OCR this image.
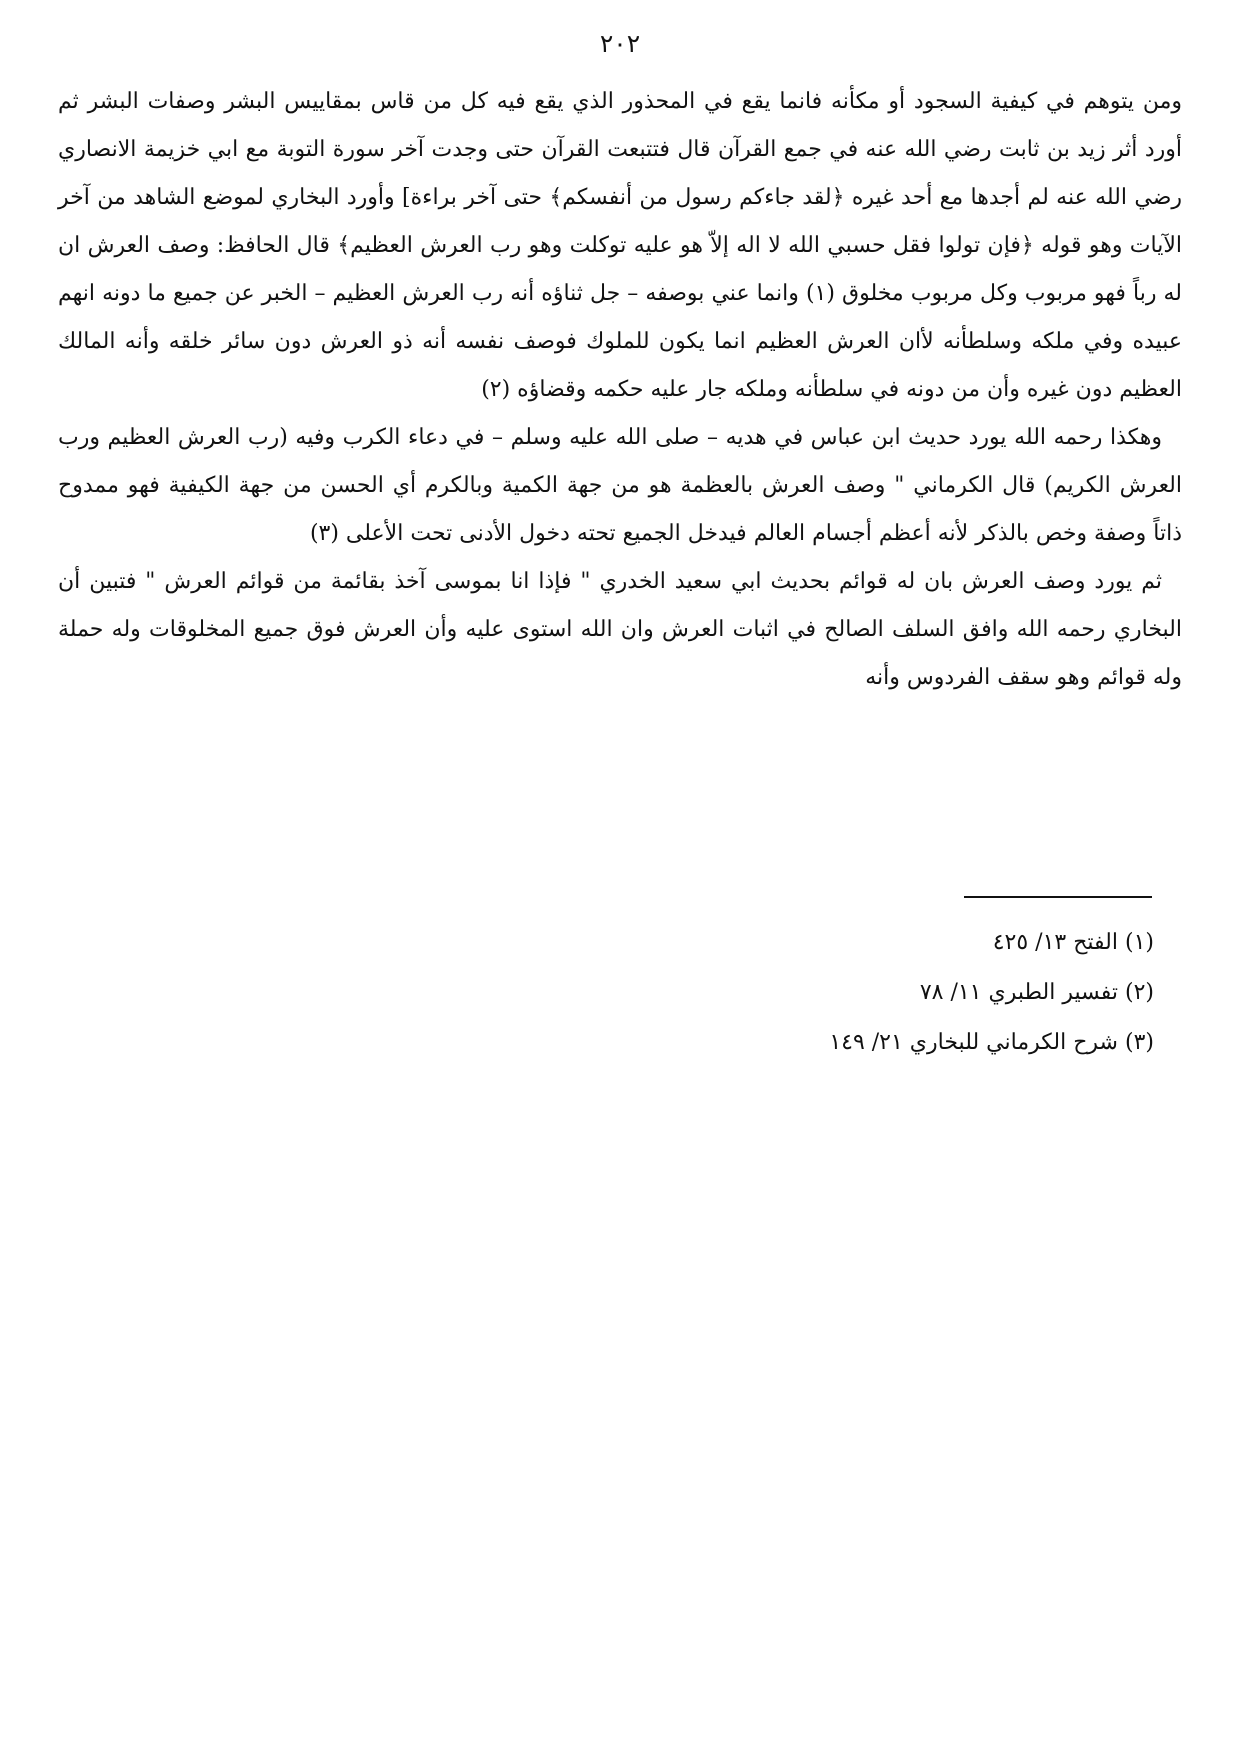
٢٠٢

ومن يتوهم في كيفية السجود أو مكأنه فانما يقع في المحذور الذي يقع فيه كل من قاس بمقاييس البشر وصفات البشر ثم أورد أثر زيد بن ثابت رضي الله عنه في جمع القرآن قال فتتبعت القرآن حتى وجدت آخر سورة التوبة مع ابي خزيمة الانصاري رضي الله عنه لم أجدها مع أحد غيره ﴿لقد جاءكم رسول من أنفسكم﴾ حتى آخر براءة] وأورد البخاري لموضع الشاهد من آخر الآيات وهو قوله ﴿فإن تولوا فقل حسبي الله لا اله إلاّ هو عليه توكلت وهو رب العرش العظيم﴾ قال الحافظ: وصف العرش ان له رباً فهو مربوب وكل مربوب مخلوق (١) وانما عني بوصفه – جل ثناؤه أنه رب العرش العظيم – الخبر عن جميع ما دونه انهم عبيده وفي ملكه وسلطأنه لأان العرش العظيم انما يكون للملوك فوصف نفسه أنه ذو العرش دون سائر خلقه وأنه المالك العظيم دون غيره وأن من دونه في سلطأنه وملكه جار عليه حكمه وقضاؤه (٢)

وهكذا رحمه الله يورد حديث ابن عباس في هديه – صلى الله عليه وسلم – في دعاء الكرب وفيه (رب العرش العظيم ورب العرش الكريم) قال الكرماني " وصف العرش بالعظمة هو من جهة الكمية وبالكرم أي الحسن من جهة الكيفية فهو ممدوح ذاتاً وصفة وخص بالذكر لأنه أعظم أجسام العالم فيدخل الجميع تحته دخول الأدنى تحت الأعلى (٣)

ثم يورد وصف العرش بان له قوائم بحديث ابي سعيد الخدري " فإذا انا بموسى آخذ بقائمة من قوائم العرش " فتبين أن البخاري رحمه الله وافق السلف الصالح في اثبات العرش وان الله استوى عليه وأن العرش فوق جميع المخلوقات وله حملة وله قوائم وهو سقف الفردوس وأنه

(١) الفتح ١٣/ ٤٢٥

(٢) تفسير الطبري ١١/ ٧٨

(٣) شرح الكرماني للبخاري ٢١/ ١٤٩
